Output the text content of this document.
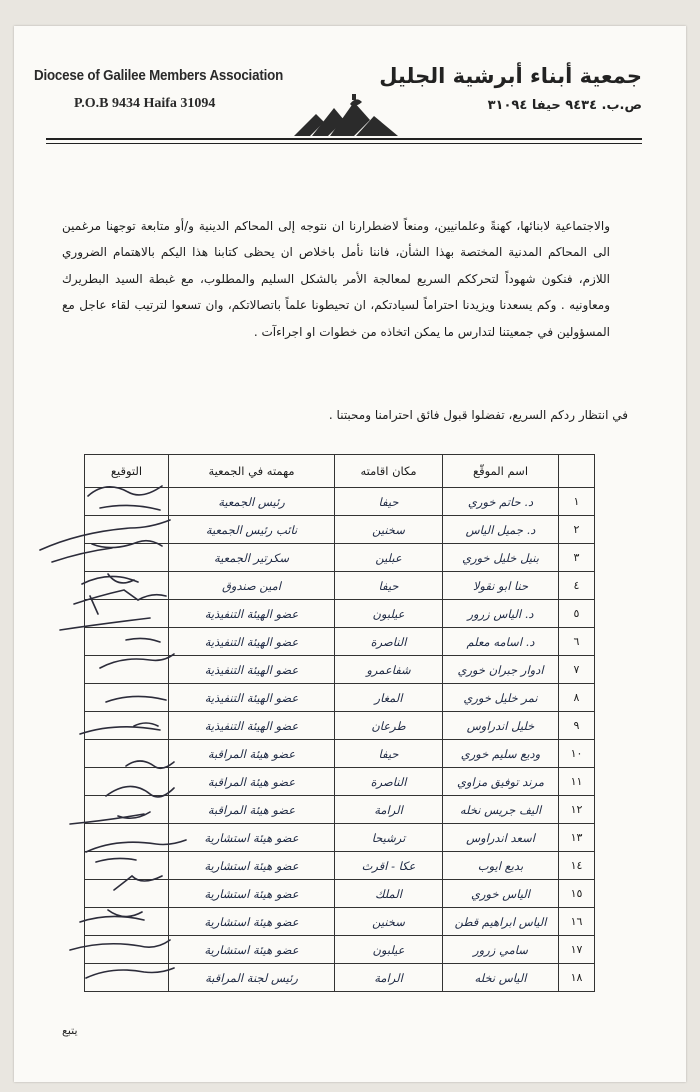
Diocese of Galilee Members Association
P.O.B 9434 Haifa 31094
جمعية أبناء أبرشية الجليل
ص.ب. ٩٤٣٤ حيفا ٣١٠٩٤
والاجتماعية لابنائها، كهنةً وعلمانيين، ومنعاً لاضطرارنا ان نتوجه إلى المحاكم الدينية و/أو متابعة توجهنا مرغمين الى المحاكم المدنية المختصة بهذا الشأن، فاننا نأمل باخلاص ان يحظى كتابنا هذا اليكم بالاهتمام الضروري اللازم، فنكون شهوداً لتحرككم السريع لمعالجة الأمر بالشكل السليم والمطلوب، مع غبطة السيد البطريرك ومعاونيه . وكم يسعدنا ويزيدنا احتراماً لسيادتكم، ان تحيطونا علماً باتصالاتكم، وان تسعوا لترتيب لقاء عاجل مع المسؤولين في جمعيتنا لتدارس ما يمكن اتخاذه من خطوات او اجراءآت .
في انتظار ردكم السريع، تفضلوا قبول فائق احترامنا ومحبتنا .
	اسم الموقّع	مكان اقامته	مهمته في الجمعية	التوقيع
١	د. حاتم خوري	حيفا	رئيس الجمعية	
٢	د. جميل الياس	سخنين	نائب رئيس الجمعية	
٣	بنيل خليل خوري	عبلين	سكرتير الجمعية	
٤	حنا ابو نقولا	حيفا	امين صندوق	
٥	د. الياس زرور	عيلبون	عضو الهيئة التنفيذية	
٦	د. اسامه معلم	الناصرة	عضو الهيئة التنفيذية	
٧	ادوار جبران خوري	شفاعمرو	عضو الهيئة التنفيذية	
٨	نمر خليل خوري	المغار	عضو الهيئة التنفيذية	
٩	خليل اندراوس	طرعان	عضو الهيئة التنفيذية	
١٠	وديع سليم خوري	حيفا	عضو هيئة المراقبة	
١١	مرند توفيق مزاوي	الناصرة	عضو هيئة المراقبة	
١٢	اليف جريس نخله	الرامة	عضو هيئة المراقبة	
١٣	اسعد اندراوس	ترشيحا	عضو هيئة استشارية	
١٤	بديع ايوب	عكا - اقرث	عضو هيئة استشارية	
١٥	الياس خوري	الملك	عضو هيئة استشارية	
١٦	الياس ابراهيم قطن	سخنين	عضو هيئة استشارية	
١٧	سامي زرور	عيلبون	عضو هيئة استشارية	
١٨	الياس نخله	الرامة	رئيس لجنة المراقبة	
يتبع
